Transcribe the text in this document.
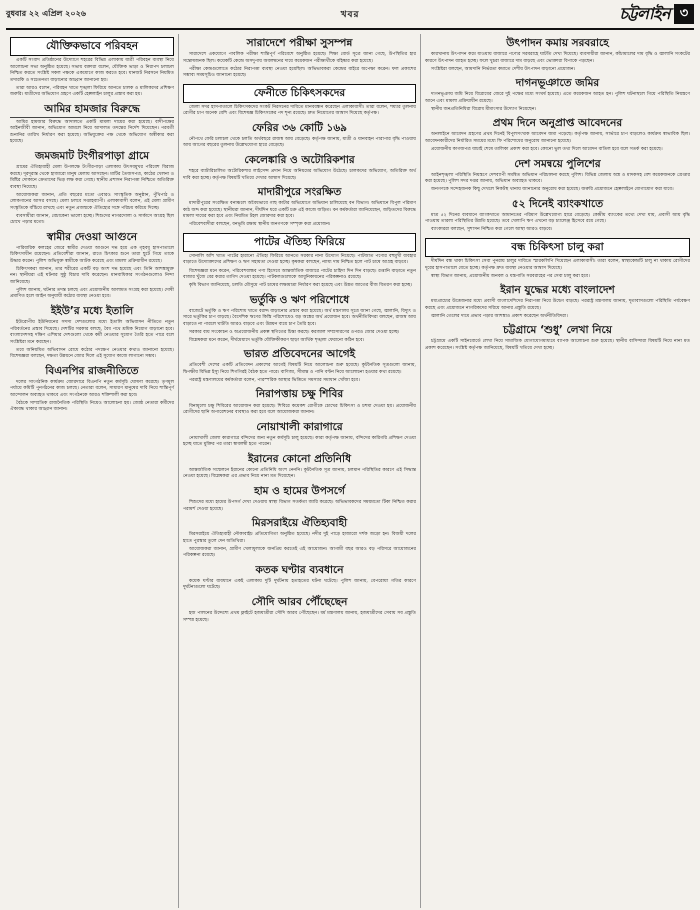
বুধবার ২২ এপ্রিল ২০২৬	খবর	চট্টলাইন ৩
যৌক্তিকভাবে পরিবহন

একটি সংবাদ প্রতিষ্ঠানের উদ্যোগে শহরের বিভিন্ন এলাকায় যাত্রী পরিবহন ব্যবস্থা নিয়ে আলোচনা সভা অনুষ্ঠিত হয়েছে। সভায় বক্তারা বলেন, যৌক্তিক ভাড়া ও নিরাপদ চলাচল নিশ্চিত করতে সংশ্লিষ্ট সকল পক্ষকে একযোগে কাজ করতে হবে। যানজট নিরসনে নিয়মিত তদারকি ও সচেতনতা বাড়ানোর আহ্বান জানানো হয়।

তারা আরও বলেন, পরিবহন খাতে শৃঙ্খলা ফিরিয়ে আনতে চালক ও মালিকদের প্রশিক্ষণ জরুরি। যাত্রীদের অভিযোগ গ্রহণে একটি হেল্পলাইন চালুর প্রস্তাব করা হয়।

আমির হামজার বিরুদ্ধে

আমির হামজার বিরুদ্ধে আদালতে একটি মামলা দায়ের করা হয়েছে। বাদীপক্ষের আইনজীবী জানান, অভিযোগ আমলে নিয়ে আদালত তদন্তের নির্দেশ দিয়েছেন। পরবর্তী শুনানির তারিখ নির্ধারণ করা হয়েছে। অভিযুক্তের পক্ষ থেকে অভিযোগ অস্বীকার করা হয়েছে।

জমজমাট টংগীরপাড়া গ্রামে

গ্রামের ঐতিহ্যবাহী মেলা উপলক্ষে টংগীরপাড়া এলাকায় উৎসবমুখর পরিবেশ বিরাজ করছে। দূরদূরান্ত থেকে হাজারো মানুষ মেলায় আসছেন। মাটির তৈজসপত্র, কাঠের খেলনা ও মিষ্টির দোকানে ক্রেতাদের ভিড় লক্ষ করা গেছে। স্থানীয় প্রশাসন নিরাপত্তা নিশ্চিতে অতিরিক্ত ব্যবস্থা নিয়েছে।

আয়োজকরা জানান, প্রতি বছরের মতো এবারও সাংস্কৃতিক অনুষ্ঠান, পুঁথিপাঠ ও লোকগানের আসর বসছে। মেলা চলবে সপ্তাহব্যাপী। এলাকাবাসী বলেন, এই মেলা গ্রামীণ সংস্কৃতিকে বাঁচিয়ে রাখছে এবং নতুন প্রজন্মকে ঐতিহ্যের সঙ্গে পরিচয় করিয়ে দিচ্ছে।

ব্যবসায়ীরা জানান, বেচাকেনা ভালো হচ্ছে। শিশুদের নাগরদোলা ও সার্কাসে আগ্রহ ছিল চোখে পড়ার মতো।

স্বামীর দেওয়া আগুনে

পারিবারিক কলহের জেরে স্বামীর দেওয়া আগুনে দগ্ধ হয়ে এক গৃহবধূ হাসপাতালে চিকিৎসাধীন রয়েছেন। প্রতিবেশীরা জানান, রাতে চিৎকার শুনে তারা ছুটে গিয়ে তাকে উদ্ধার করেন। পুলিশ অভিযুক্ত স্বামীকে আটক করেছে এবং মামলা প্রক্রিয়াধীন রয়েছে।

চিকিৎসকরা জানান, তার শরীরের একটি বড় অংশ দগ্ধ হয়েছে এবং তিনি আশঙ্কামুক্ত নন। স্থানীয়রা এই ঘটনার সুষ্ঠু বিচার দাবি করেছেন। মানবাধিকার সংগঠনগুলোও নিন্দা জানিয়েছে।

পুলিশ জানায়, ঘটনার তদন্ত চলছে এবং প্রয়োজনীয় আলামত সংগ্রহ করা হয়েছে। দোষী প্রমাণিত হলে আইন অনুযায়ী কঠোর ব্যবস্থা নেওয়া হবে।

ইইউ’র মধ্যে ইতালি

ইউরোপীয় ইউনিয়নের সদস্য দেশগুলোর মধ্যে ইতালি অভিবাসন নীতিতে নতুন পরিবর্তনের প্রস্তাব দিয়েছে। দেশটির সরকার বলছে, বৈধ পথে শ্রমিক নিয়োগ বাড়ানো হবে। বাংলাদেশসহ দক্ষিণ এশিয়ার দেশগুলো থেকে কর্মী নেওয়ার সুযোগ তৈরি হতে পারে বলে সংশ্লিষ্টরা মনে করছেন।

তবে অনিয়মিত অভিবাসন রোধে কঠোর পদক্ষেপ নেওয়ার কথাও জানানো হয়েছে। বিশেষজ্ঞরা বলছেন, দক্ষতা উন্নয়নে জোর দিলে এই সুযোগ কাজে লাগানো সম্ভব।

বিএনপির রাজনীতিতে

দলের সাংগঠনিক কার্যক্রম জোরদারে বিএনপি নতুন কর্মসূচি ঘোষণা করেছে। তৃণমূল পর্যায়ে কমিটি পুনর্গঠনের কাজ চলছে। নেতারা বলেন, সাধারণ মানুষের দাবি নিয়ে শান্তিপূর্ণ আন্দোলন অব্যাহত থাকবে এবং সংগঠনকে আরও শক্তিশালী করা হবে।

বৈঠকে সাম্প্রতিক রাজনৈতিক পরিস্থিতি নিয়েও আলোচনা হয়। জ্যেষ্ঠ নেতারা কর্মীদের ঐক্যবদ্ধ থাকার আহ্বান জানান।

সারাদেশে পরীক্ষা সুসম্পন্ন

সারাদেশে একযোগে পাবলিক পরীক্ষা শান্তিপূর্ণ পরিবেশে অনুষ্ঠিত হয়েছে। শিক্ষা বোর্ড সূত্রে জানা গেছে, উপস্থিতির হার সন্তোষজনক ছিল। কয়েকটি কেন্দ্রে অসদুপায় অবলম্বনের দায়ে কয়েকজন পরীক্ষার্থীকে বহিষ্কার করা হয়েছে।

পরীক্ষা কেন্দ্রগুলোতে কঠোর নিরাপত্তা ব্যবস্থা নেওয়া হয়েছিল। অভিভাবকরা কেন্দ্রের বাইরে অপেক্ষা করেন। ফল প্রকাশের সম্ভাব্য সময়সূচিও জানানো হয়েছে।

ফেনীতে চিকিৎসকদের

জেলা সদর হাসপাতালে চিকিৎসকদের সংকট নিরসনের দাবিতে মানববন্ধন করেছেন এলাকাবাসী। তারা বলেন, শয্যার তুলনায় রোগীর চাপ অনেক বেশি এবং বিশেষজ্ঞ চিকিৎসকের পদ শূন্য রয়েছে। দ্রুত নিয়োগের আশ্বাস দিয়েছে কর্তৃপক্ষ।

ফেরির ৩৬ কোটি ১৬৯

নৌপথে ফেরি চলাচল থেকে চলতি অর্থবছরে রাজস্ব আয় বেড়েছে। কর্তৃপক্ষ জানায়, যাত্রী ও যানবাহন পারাপার বৃদ্ধি পাওয়ায় আয় আগের বছরের তুলনায় উল্লেখযোগ্য হারে বেড়েছে।

কেলেঙ্কারি ও অটোরিকশার

শহরে ব্যাটারিচালিত অটোরিকশার লাইসেন্স প্রদান নিয়ে অনিয়মের অভিযোগ উঠেছে। চালকদের অভিযোগ, অতিরিক্ত অর্থ দাবি করা হচ্ছে। কর্তৃপক্ষ বিষয়টি খতিয়ে দেখার আশ্বাস দিয়েছে।

মাদারীপুরে সংরক্ষিত

মাদারীপুরের সংরক্ষিত বনাঞ্চলে অবৈধভাবে গাছ কাটার অভিযোগে অভিযান চালিয়েছে বন বিভাগ। অভিযানে বিপুল পরিমাণ কাঠ জব্দ করা হয়েছে। স্থানীয়রা জানান, দীর্ঘদিন ধরে একটি চক্র এই কাজে জড়িত। বন কর্মকর্তারা জানিয়েছেন, জড়িতদের বিরুদ্ধে মামলা দায়ের করা হবে এবং নিয়মিত টহল জোরদার করা হবে।

পরিবেশবাদীরা বলছেন, বনভূমি রক্ষায় স্থানীয় জনগণকে সম্পৃক্ত করা প্রয়োজন।

পাটের ঐতিহ্য ফিরিয়ে

সোনালি আঁশ খ্যাত পাটের হারানো ঐতিহ্য ফিরিয়ে আনতে সরকার নানা উদ্যোগ নিয়েছে। পাটজাত পণ্যের বহুমুখী ব্যবহার বাড়াতে উদ্যোক্তাদের প্রশিক্ষণ ও ঋণ সহায়তা দেওয়া হচ্ছে। কৃষকরা বলছেন, ন্যায্য দাম নিশ্চিত হলে পাট চাষে আগ্রহ বাড়বে।

বিশেষজ্ঞরা মনে করেন, পরিবেশবান্ধব পণ্য হিসেবে আন্তর্জাতিক বাজারে পাটের চাহিদা দিন দিন বাড়ছে। রপ্তানি বাড়াতে নতুন বাজার খুঁজে বের করার তাগিদ দেওয়া হয়েছে। পাটকলগুলোকে আধুনিকায়নের পরিকল্পনাও রয়েছে।

কৃষি বিভাগ জানিয়েছে, চলতি মৌসুমে পাট চাষের লক্ষ্যমাত্রা নির্ধারণ করা হয়েছে এবং উন্নত জাতের বীজ বিতরণ করা হচ্ছে।

ভর্তুকি ও ঋণ পরিশোধে

বাজেটে ভর্তুকি ও ঋণ পরিশোধ খাতে বরাদ্দ বাড়ানোর প্রস্তাব করা হয়েছে। অর্থ মন্ত্রণালয় সূত্রে জানা গেছে, জ্বালানি, বিদ্যুৎ ও সারে ভর্তুকির চাপ বাড়ছে। বৈদেশিক ঋণের কিস্তি পরিশোধেও বড় অঙ্কের অর্থ প্রয়োজন হবে। অর্থনীতিবিদরা বলছেন, রাজস্ব আয় বাড়াতে না পারলে ঘাটতি আরও বাড়বে এবং উন্নয়ন ব্যয়ে চাপ তৈরি হবে।

সরকার ব্যয় সংকোচন ও অপ্রয়োজনীয় প্রকল্প স্থগিতের চিন্তা করছে। করজাল সম্প্রসারণের ওপরও জোর দেওয়া হচ্ছে।

বিশ্লেষকরা মনে করেন, দীর্ঘমেয়াদে ভর্তুকি যৌক্তিকীকরণ ছাড়া আর্থিক শৃঙ্খলা ফেরানো কঠিন হবে।

ভারত প্রতিবেদনের আগেই

প্রতিবেশী দেশের একটি প্রতিবেদন প্রকাশের আগেই বিষয়টি নিয়ে আলোচনা শুরু হয়েছে। কূটনৈতিক সূত্রগুলো জানায়, দ্বিপক্ষীয় বিভিন্ন ইস্যু নিয়ে শিগগিরই বৈঠক হতে পারে। বাণিজ্য, সীমান্ত ও পানি বণ্টন নিয়ে আলোচনা হওয়ার কথা রয়েছে।

পররাষ্ট্র মন্ত্রণালয়ের কর্মকর্তারা বলেন, পারস্পরিক আস্থার ভিত্তিতে সমস্যার সমাধান খোঁজা হবে।

নিরাপত্তায় চক্ষু শিবির

বিনামূল্যে চক্ষু শিবিরের আয়োজন করা হয়েছে। শিবিরে কয়েকশ রোগীকে চোখের চিকিৎসা ও চশমা দেওয়া হয়। প্রয়োজনীয় রোগীদের ছানি অপারেশনের ব্যবস্থাও করা হবে বলে আয়োজকরা জানান।

নোয়াখালী কারাগারে

নোয়াখালী জেলা কারাগারে বন্দিদের জন্য নতুন কর্মসূচি চালু হয়েছে। কারা কর্তৃপক্ষ জানায়, বন্দিদের কারিগরি প্রশিক্ষণ দেওয়া হচ্ছে যাতে মুক্তির পর তারা স্বাবলম্বী হতে পারেন।

ইরানের কোনো প্রতিনিধি

আন্তর্জাতিক সম্মেলনে ইরানের কোনো প্রতিনিধি অংশ নেননি। কূটনৈতিক সূত্র জানায়, চলমান পরিস্থিতির কারণে এই সিদ্ধান্ত নেওয়া হয়েছে। বিশ্লেষকরা এর প্রভাব নিয়ে নানা মত দিয়েছেন।

হাম ও হামের উপসর্গে

শিশুদের মধ্যে হামের উপসর্গ দেখা দেওয়ায় স্বাস্থ্য বিভাগ সতর্কতা জারি করেছে। অভিভাবকদের সময়মতো টিকা নিশ্চিত করার পরামর্শ দেওয়া হয়েছে।

মিরসরাইয়ে ঐতিহ্যবাহী

মিরসরাইয়ে ঐতিহ্যবাহী নৌকাবাইচ প্রতিযোগিতা অনুষ্ঠিত হয়েছে। নদীর দুই পাড়ে হাজারো দর্শক জড়ো হন। বিজয়ী দলের হাতে পুরস্কার তুলে দেন অতিথিরা।

আয়োজকরা জানান, গ্রামীণ খেলাধুলাকে জনপ্রিয় করতেই এই আয়োজন। আগামী বছর আরও বড় পরিসরে আয়োজনের পরিকল্পনা রয়েছে।

কতক ঘণ্টার ব্যবধানে

কয়েক ঘণ্টার ব্যবধানে একই এলাকায় দুটি দুর্ঘটনায় হতাহতের ঘটনা ঘটেছে। পুলিশ জানায়, বেপরোয়া গতির কারণে দুর্ঘটনাগুলো ঘটেছে।

সৌদি আরব পৌঁছেছেন

হজ পালনের উদ্দেশ্যে প্রথম ফ্লাইটে হজযাত্রীরা সৌদি আরব পৌঁছেছেন। ধর্ম মন্ত্রণালয় জানায়, হজযাত্রীদের সেবায় সব প্রস্তুতি সম্পন্ন হয়েছে।

উৎপাদন কমায় সরবরাহে

কারখানায় উৎপাদন কমে যাওয়ায় বাজারে পণ্যের সরবরাহে ঘাটতি দেখা দিয়েছে। ব্যবসায়ীরা জানান, কাঁচামালের দাম বৃদ্ধি ও জ্বালানি সংকটের কারণে উৎপাদন ব্যাহত হচ্ছে। ফলে খুচরা বাজারে দাম বাড়ছে এবং ভোক্তারা বিপাকে পড়ছেন।

সংশ্লিষ্টরা বলছেন, আমদানি নির্ভরতা কমাতে দেশীয় উৎপাদন বাড়ানো প্রয়োজন।

দাগনভূঞাতে জমির

দাগনভূঞায় জমি নিয়ে বিরোধের জেরে দুই পক্ষের মধ্যে সংঘর্ষ হয়েছে। এতে কয়েকজন আহত হন। পুলিশ ঘটনাস্থলে গিয়ে পরিস্থিতি নিয়ন্ত্রণে আনে এবং মামলা প্রক্রিয়াধীন রয়েছে।

স্থানীয় জনপ্রতিনিধিরা বিরোধ মীমাংসার উদ্যোগ নিয়েছেন।

প্রথম দিনে অনুপ্রাপ্ত আবেদনের

অনলাইনে আবেদন গ্রহণের প্রথম দিনেই বিপুলসংখ্যক আবেদন জমা পড়েছে। কর্তৃপক্ষ জানায়, সার্ভারে চাপ বাড়লেও কার্যক্রম স্বাভাবিক ছিল। আবেদনকারীদের নির্ধারিত সময়ের মধ্যে ফি পরিশোধের অনুরোধ জানানো হয়েছে।

প্রয়োজনীয় কাগজপত্র যাচাই শেষে তালিকা প্রকাশ করা হবে। কোনো ভুল তথ্য দিলে আবেদন বাতিল হবে বলে সতর্ক করা হয়েছে।

দেশ সমন্বয়ে পুলিশের

আইনশৃঙ্খলা পরিস্থিতি নিয়ন্ত্রণে দেশব্যাপী সমন্বিত অভিযান পরিচালনা করছে পুলিশ। বিভিন্ন জেলায় অস্ত্র ও মাদকসহ বেশ কয়েকজনকে গ্রেপ্তার করা হয়েছে। পুলিশ সদর দপ্তর জানায়, অভিযান অব্যাহত থাকবে।

জনগণকে সন্দেহজনক কিছু দেখলে নিকটস্থ থানায় জানানোর অনুরোধ করা হয়েছে। জরুরি প্রয়োজনে হেল্পলাইনে যোগাযোগ করা যাবে।

৫২ দিনেই ব্যাংকখাতে

মাত্র ৫২ দিনের ব্যবধানে ব্যাংকখাতে আমানতের পরিমাণ উল্লেখযোগ্য হারে বেড়েছে। কেন্দ্রীয় ব্যাংকের তথ্যে দেখা যায়, প্রবাসী আয় বৃদ্ধি পাওয়ায় তারল্য পরিস্থিতির উন্নতি হয়েছে। তবে খেলাপি ঋণ এখনো বড় চ্যালেঞ্জ হিসেবে রয়ে গেছে।

ব্যাংকাররা বলছেন, সুশাসন নিশ্চিত করা গেলে আস্থা আরও বাড়বে।

বন্ধ চিকিৎসা চালু করা

দীর্ঘদিন বন্ধ থাকা চিকিৎসা সেবা পুনরায় চালুর দাবিতে স্মারকলিপি দিয়েছেন এলাকাবাসী। তারা বলেন, স্বাস্থ্যকেন্দ্রটি চালু না থাকায় রোগীদের দূরের হাসপাতালে যেতে হচ্ছে। কর্তৃপক্ষ দ্রুত ব্যবস্থা নেওয়ার আশ্বাস দিয়েছে।

স্বাস্থ্য বিভাগ জানায়, প্রয়োজনীয় জনবল ও যন্ত্রপাতি সরবরাহের পর সেবা চালু করা হবে।

ইরান যুদ্ধের মধ্যে বাংলাদেশ

মধ্যপ্রাচ্যের উত্তেজনার মধ্যে প্রবাসী বাংলাদেশিদের নিরাপত্তা নিয়ে উদ্বেগ বাড়ছে। পররাষ্ট্র মন্ত্রণালয় জানায়, দূতাবাসগুলো পরিস্থিতি পর্যবেক্ষণ করছে এবং প্রয়োজনে নাগরিকদের সরিয়ে আনার প্রস্তুতি রয়েছে।

জ্বালানি তেলের দামে প্রভাব পড়ার আশঙ্কাও প্রকাশ করেছেন অর্থনীতিবিদরা।

চট্টগ্রামে ‘শুধু’ লেখা নিয়ে

চট্টগ্রামে একটি সাইনবোর্ডে লেখা নিয়ে সামাজিক যোগাযোগমাধ্যমে ব্যাপক আলোচনা শুরু হয়েছে। স্থানীয় বাসিন্দারা বিষয়টি নিয়ে নানা মত প্রকাশ করেছেন। সংশ্লিষ্ট কর্তৃপক্ষ জানিয়েছে, বিষয়টি খতিয়ে দেখা হচ্ছে।
